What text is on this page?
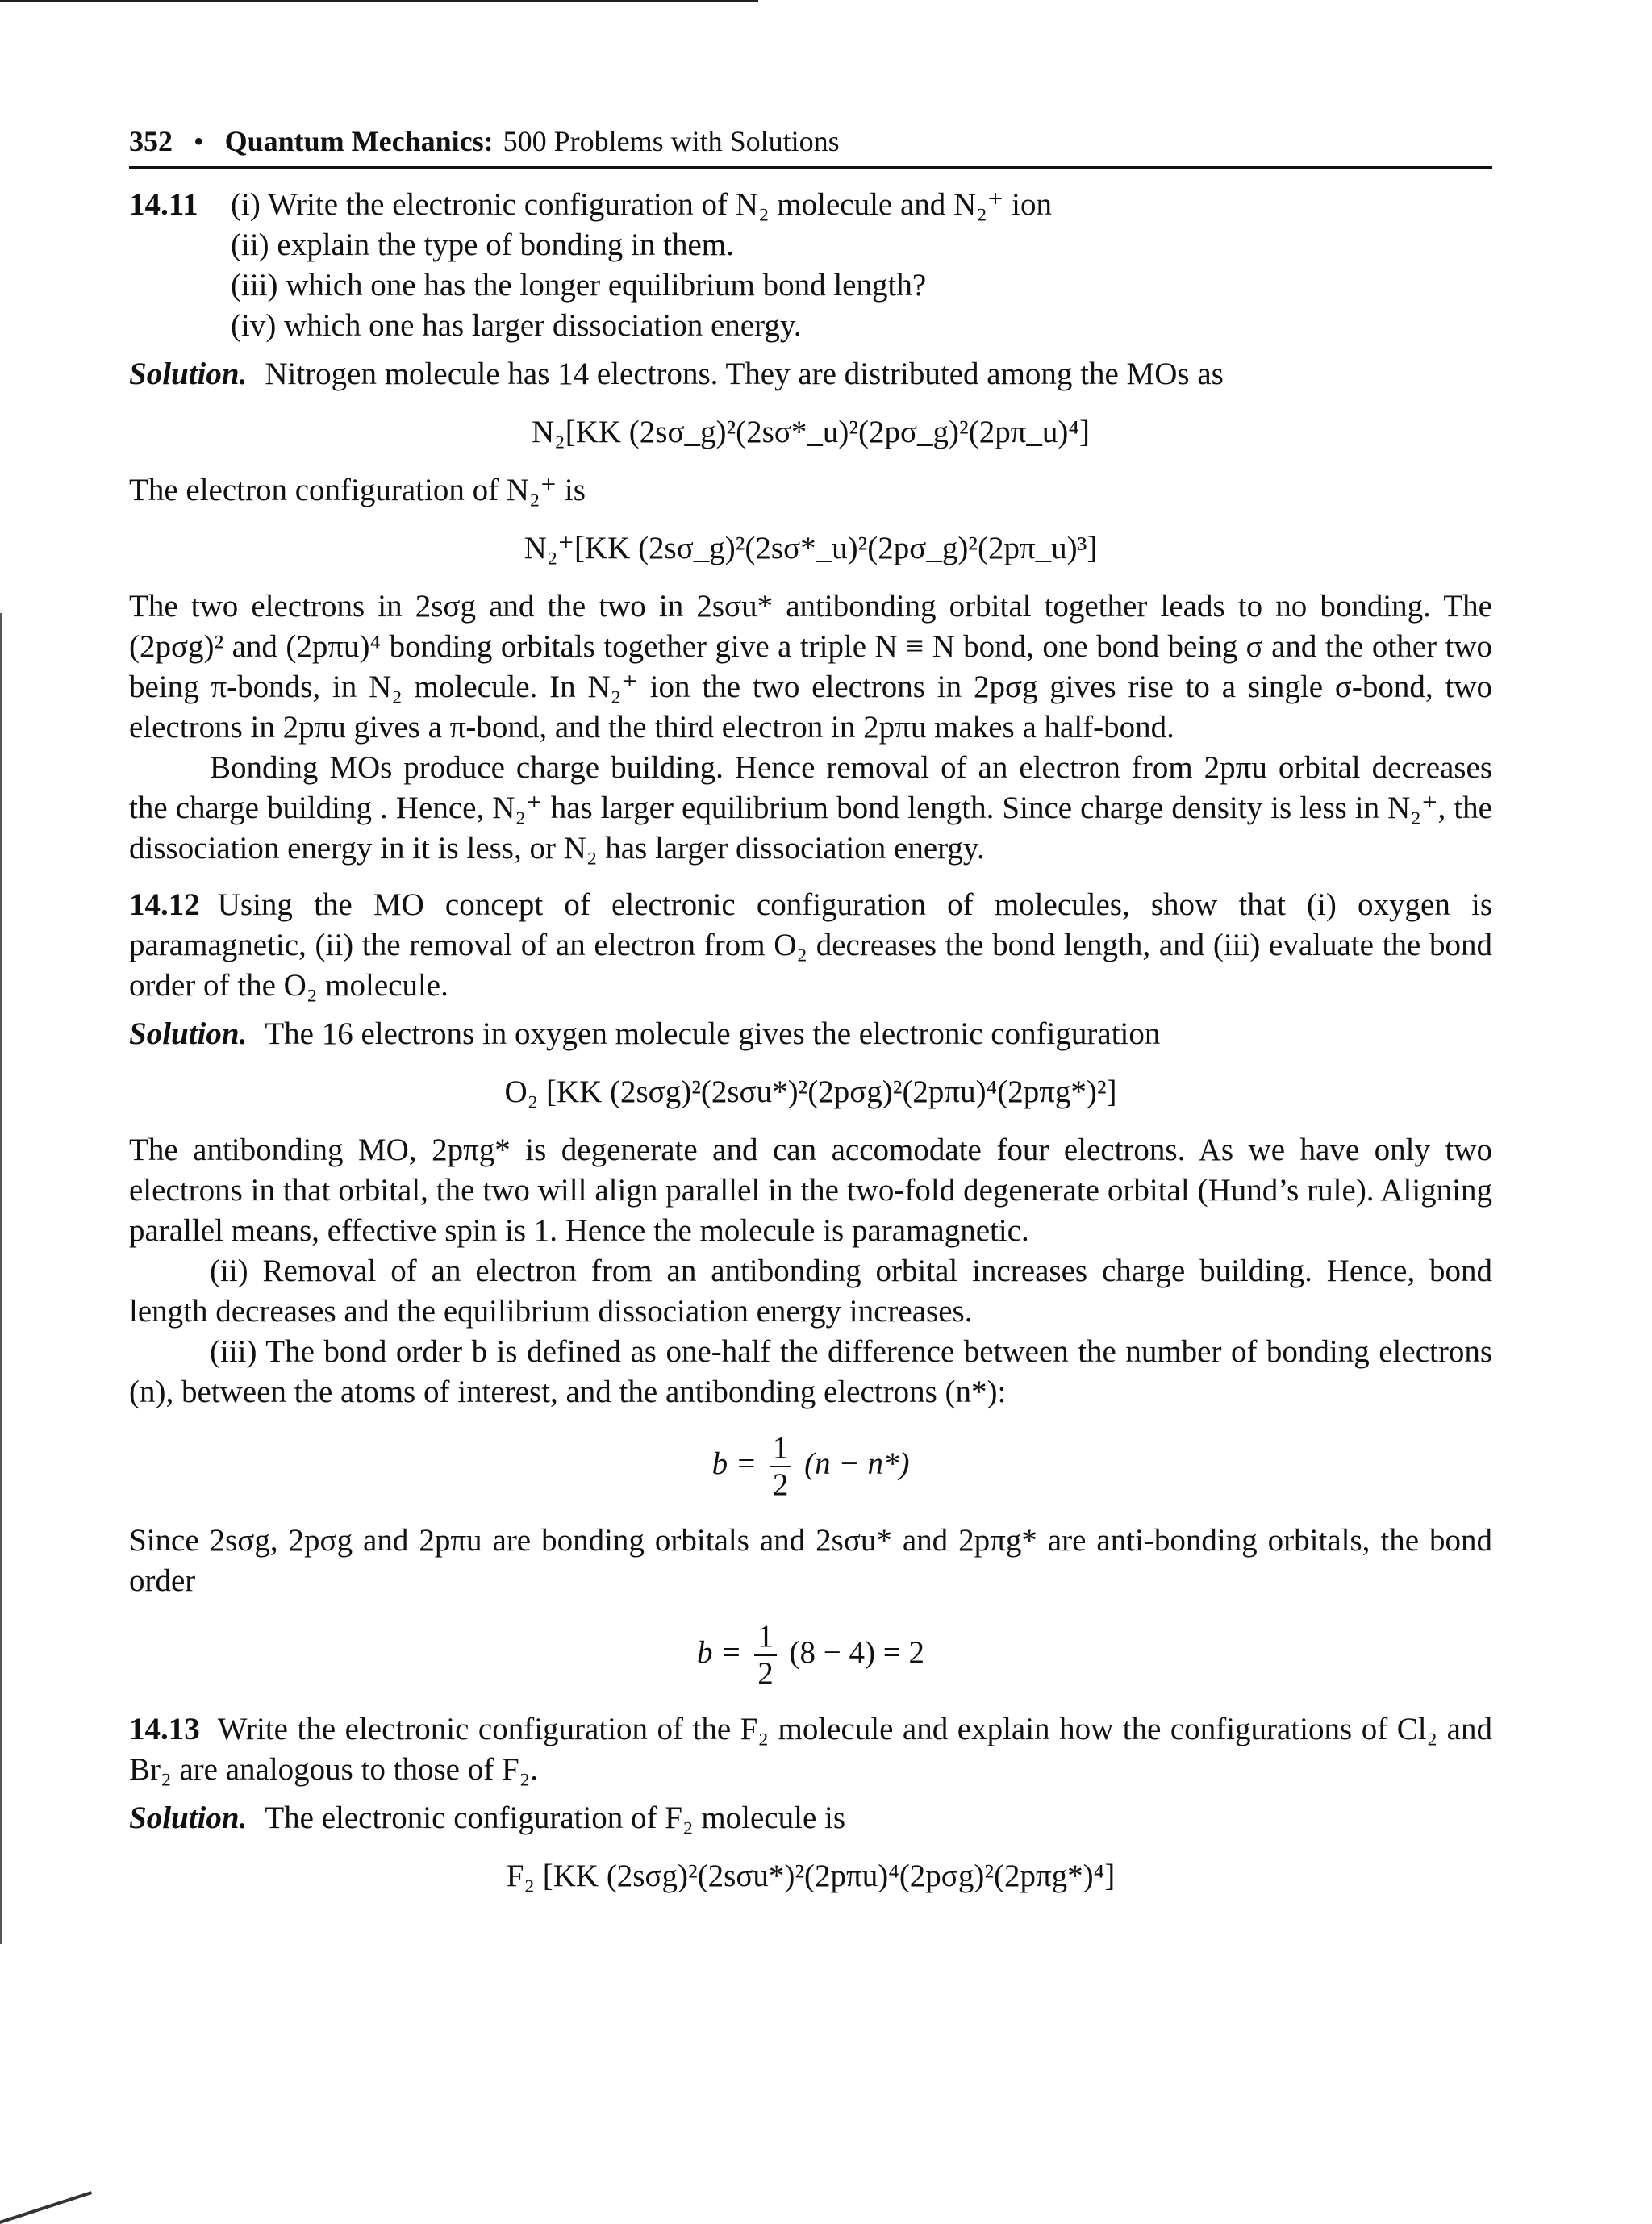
352 • Quantum Mechanics: 500 Problems with Solutions
14.11	(i) Write the electronic configuration of N₂ molecule and N₂⁺ ion
(ii) explain the type of bonding in them.
(iii) which one has the longer equilibrium bond length?
(iv) which one has larger dissociation energy.

Solution. Nitrogen molecule has 14 electrons. They are distributed among the MOs as

N₂[KK (2sσ_g)²(2sσ*_u)²(2pσ_g)²(2pπ_u)⁴]

The electron configuration of N₂⁺ is

N₂⁺[KK (2sσ_g)²(2sσ*_u)²(2pσ_g)²(2pπ_u)³]

The two electrons in 2sσg and the two in 2sσu* antibonding orbital together leads to no bonding. The (2pσg)² and (2pπu)⁴ bonding orbitals together give a triple N ≡ N bond, one bond being σ and the other two being π-bonds, in N₂ molecule. In N₂⁺ ion the two electrons in 2pσg gives rise to a single σ-bond, two electrons in 2pπu gives a π-bond, and the third electron in 2pπu makes a half-bond.

Bonding MOs produce charge building. Hence removal of an electron from 2pπu orbital decreases the charge building . Hence, N₂⁺ has larger equilibrium bond length. Since charge density is less in N₂⁺, the dissociation energy in it is less, or N₂ has larger dissociation energy.

14.12 Using the MO concept of electronic configuration of molecules, show that (i) oxygen is paramagnetic, (ii) the removal of an electron from O₂ decreases the bond length, and (iii) evaluate the bond order of the O₂ molecule.

Solution. The 16 electrons in oxygen molecule gives the electronic configuration

O₂ [KK (2sσg)²(2sσu*)²(2pσg)²(2pπu)⁴(2pπg*)²]

The antibonding MO, 2pπg* is degenerate and can accomodate four electrons. As we have only two electrons in that orbital, the two will align parallel in the two-fold degenerate orbital (Hund’s rule). Aligning parallel means, effective spin is 1. Hence the molecule is paramagnetic.

(ii) Removal of an electron from an antibonding orbital increases charge building. Hence, bond length decreases and the equilibrium dissociation energy increases.

(iii) The bond order b is defined as one-half the difference between the number of bonding electrons (n), between the atoms of interest, and the antibonding electrons (n*):

$b = \frac{1}{2} (n - n*)$

Since 2sσg, 2pσg and 2pπu are bonding orbitals and 2sσu* and 2pπg* are anti-bonding orbitals, the bond order

$b = \frac{1}{2} (8 - 4) = 2$

14.13 Write the electronic configuration of the F₂ molecule and explain how the configurations of Cl₂ and Br₂ are analogous to those of F₂.

Solution. The electronic configuration of F₂ molecule is

F₂ [KK (2sσg)²(2sσu*)²(2pπu)⁴(2pσg)²(2pπg*)⁴]
